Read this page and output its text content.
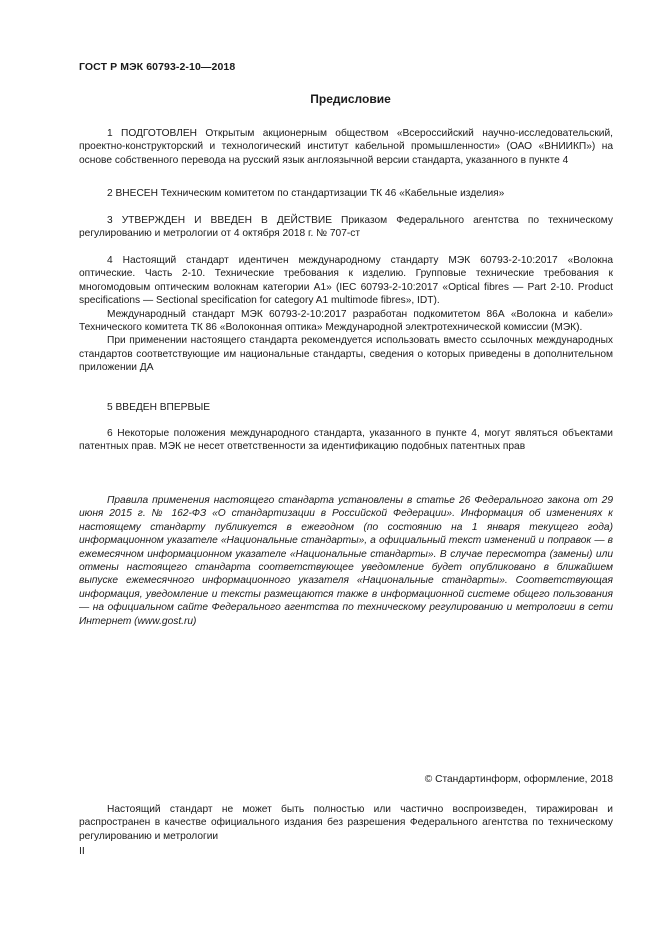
ГОСТ Р МЭК 60793-2-10—2018
Предисловие

1 ПОДГОТОВЛЕН Открытым акционерным обществом «Всероссийский научно-исследовательский, проектно-конструкторский и технологический институт кабельной промышленности» (ОАО «ВНИИКП») на основе собственного перевода на русский язык англоязычной версии стандарта, указанного в пункте 4

2 ВНЕСЕН Техническим комитетом по стандартизации ТК 46 «Кабельные изделия»

3 УТВЕРЖДЕН И ВВЕДЕН В ДЕЙСТВИЕ Приказом Федерального агентства по техническому регулированию и метрологии от 4 октября 2018 г. № 707-ст

4 Настоящий стандарт идентичен международному стандарту МЭК 60793-2-10:2017 «Волокна оптические. Часть 2-10. Технические требования к изделию. Групповые технические требования к многомодовым оптическим волокнам категории А1» (IEC 60793-2-10:2017 «Optical fibres — Part 2-10. Product specifications — Sectional specification for category A1 multimode fibres», IDT).

Международный стандарт МЭК 60793-2-10:2017 разработан подкомитетом 86А «Волокна и кабели» Технического комитета ТК 86 «Волоконная оптика» Международной электротехнической комиссии (МЭК).

При применении настоящего стандарта рекомендуется использовать вместо ссылочных международных стандартов соответствующие им национальные стандарты, сведения о которых приведены в дополнительном приложении ДА

5 ВВЕДЕН ВПЕРВЫЕ

6 Некоторые положения международного стандарта, указанного в пункте 4, могут являться объектами патентных прав. МЭК не несет ответственности за идентификацию подобных патентных прав

Правила применения настоящего стандарта установлены в статье 26 Федерального закона от 29 июня 2015 г. № 162-ФЗ «О стандартизации в Российской Федерации». Информация об изменениях к настоящему стандарту публикуется в ежегодном (по состоянию на 1 января текущего года) информационном указателе «Национальные стандарты», а официальный текст изменений и поправок — в ежемесячном информационном указателе «Национальные стандарты». В случае пересмотра (замены) или отмены настоящего стандарта соответствующее уведомление будет опубликовано в ближайшем выпуске ежемесячного информационного указателя «Национальные стандарты». Соответствующая информация, уведомление и тексты размещаются также в информационной системе общего пользования — на официальном сайте Федерального агентства по техническому регулированию и метрологии в сети Интернет (www.gost.ru)

© Стандартинформ, оформление, 2018

Настоящий стандарт не может быть полностью или частично воспроизведен, тиражирован и распространен в качестве официального издания без разрешения Федерального агентства по техническому регулированию и метрологии

II
